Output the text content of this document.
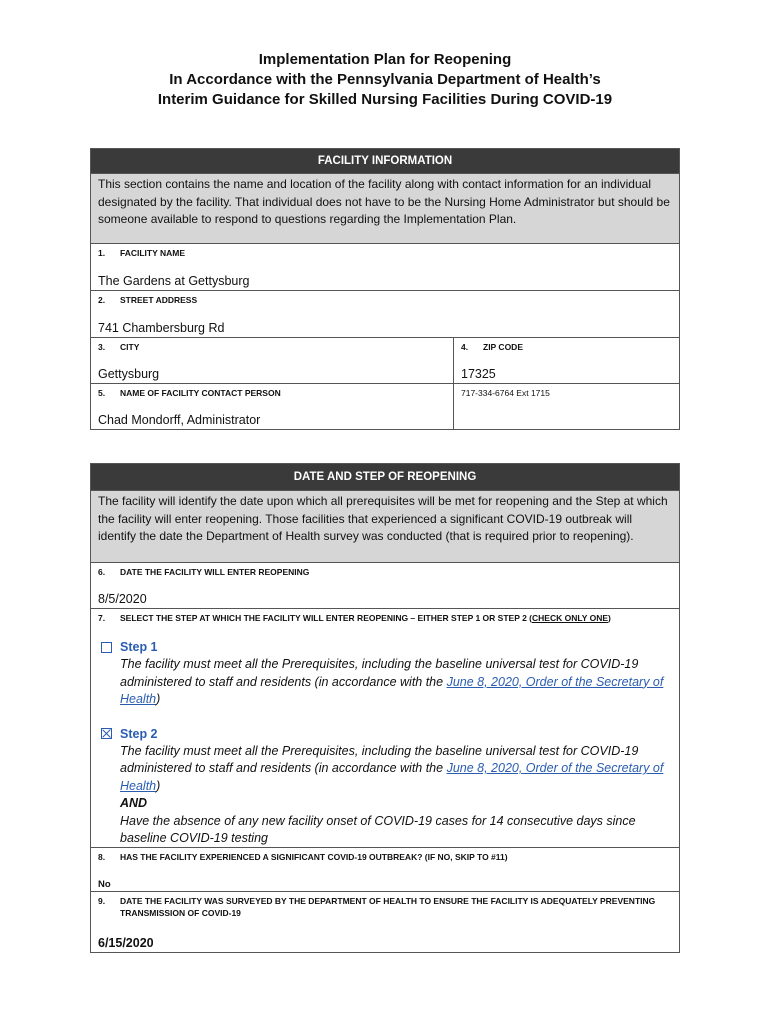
Implementation Plan for Reopening
In Accordance with the Pennsylvania Department of Health’s
Interim Guidance for Skilled Nursing Facilities During COVID-19
FACILITY INFORMATION
This section contains the name and location of the facility along with contact information for an individual designated by the facility. That individual does not have to be the Nursing Home Administrator but should be someone available to respond to questions regarding the Implementation Plan.
1.	FACILITY NAME
The Gardens at Gettysburg
2.	STREET ADDRESS
741 Chambersburg Rd
3.	CITY
Gettysburg
4.	ZIP CODE
17325
5.	NAME OF FACILITY CONTACT PERSON
Chad Mondorff, Administrator
717-334-6764 Ext 1715
DATE AND STEP OF REOPENING
The facility will identify the date upon which all prerequisites will be met for reopening and the Step at which the facility will enter reopening. Those facilities that experienced a significant COVID-19 outbreak will identify the date the Department of Health survey was conducted (that is required prior to reopening).
6.	DATE THE FACILITY WILL ENTER REOPENING
8/5/2020
7.	SELECT THE STEP AT WHICH THE FACILITY WILL ENTER REOPENING – EITHER STEP 1 OR STEP 2 (CHECK ONLY ONE)
Step 1
The facility must meet all the Prerequisites, including the baseline universal test for COVID-19 administered to staff and residents (in accordance with the June 8, 2020, Order of the Secretary of Health)
Step 2
The facility must meet all the Prerequisites, including the baseline universal test for COVID-19 administered to staff and residents (in accordance with the June 8, 2020, Order of the Secretary of Health)
AND
Have the absence of any new facility onset of COVID-19 cases for 14 consecutive days since baseline COVID-19 testing
8.	HAS THE FACILITY EXPERIENCED A SIGNIFICANT COVID-19 OUTBREAK? (IF NO, SKIP TO #11)
No
9.	DATE THE FACILITY WAS SURVEYED BY THE DEPARTMENT OF HEALTH TO ENSURE THE FACILITY IS ADEQUATELY PREVENTING TRANSMISSION OF COVID-19
6/15/2020
